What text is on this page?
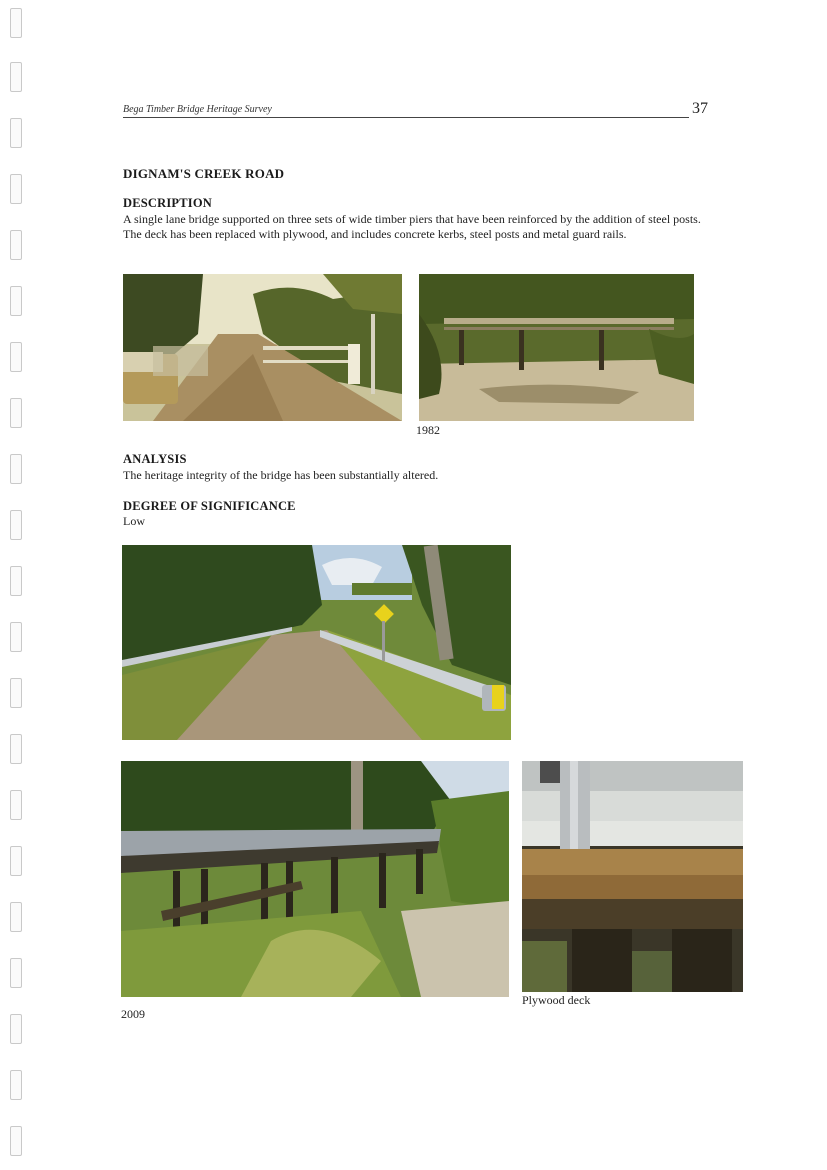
Bega Timber Bridge Heritage Survey	37
DIGNAM'S CREEK ROAD
DESCRIPTION
A single lane bridge supported on three sets of wide timber piers that have been reinforced by the addition of steel posts. The deck has been replaced with plywood, and includes concrete kerbs, steel posts and metal guard rails.
1982
ANALYSIS
The heritage integrity of the bridge has been substantially altered.
DEGREE OF SIGNIFICANCE
Low
2009
Plywood deck
